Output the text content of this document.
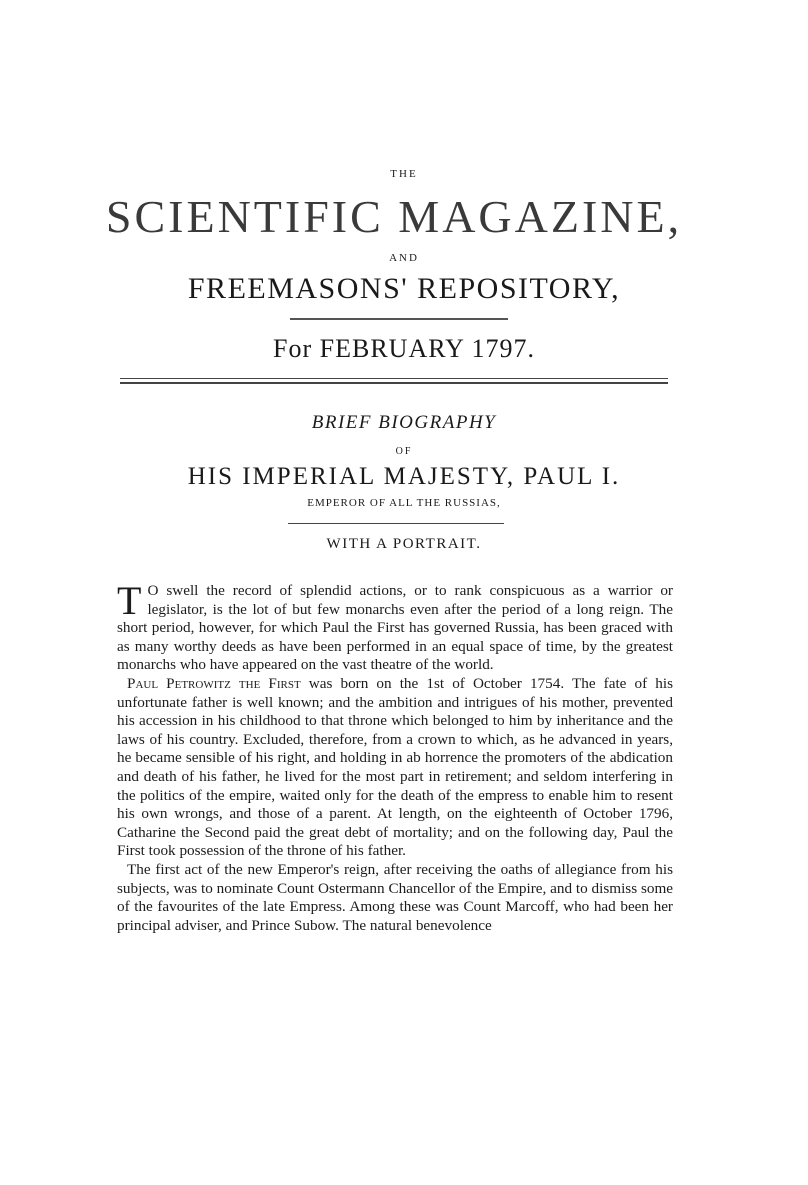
THE
SCIENTIFIC MAGAZINE,
AND
FREEMASONS' REPOSITORY,
For FEBRUARY 1797.
BRIEF BIOGRAPHY
OF
HIS IMPERIAL MAJESTY, PAUL I.
EMPEROR OF ALL THE RUSSIAS,
WITH A PORTRAIT.

T O swell the record of splendid actions, or to rank conspicuous as a warrior or legislator, is the lot of but few monarchs even after the period of a long reign. The short period, however, for which Paul the First has governed Russia, has been graced with as many worthy deeds as have been performed in an equal space of time, by the greatest monarchs who have appeared on the vast theatre of the world.

Paul Petrowitz the First was born on the 1st of October 1754. The fate of his unfortunate father is well known; and the ambition and intrigues of his mother, prevented his accession in his childhood to that throne which belonged to him by inheritance and the laws of his country. Excluded, therefore, from a crown to which, as he advanced in years, he became sensible of his right, and holding in ab horrence the promoters of the abdication and death of his father, he lived for the most part in retirement; and seldom interfering in the politics of the empire, waited only for the death of the empress to enable him to resent his own wrongs, and those of a parent. At length, on the eighteenth of October 1796, Catharine the Second paid the great debt of mortality; and on the following day, Paul the First took possession of the throne of his father.

The first act of the new Emperor's reign, after receiving the oaths of allegiance from his subjects, was to nominate Count Ostermann Chancellor of the Empire, and to dismiss some of the favourites of the late Empress. Among these was Count Marcoff, who had been her principal adviser, and Prince Subow. The natural benevolence
